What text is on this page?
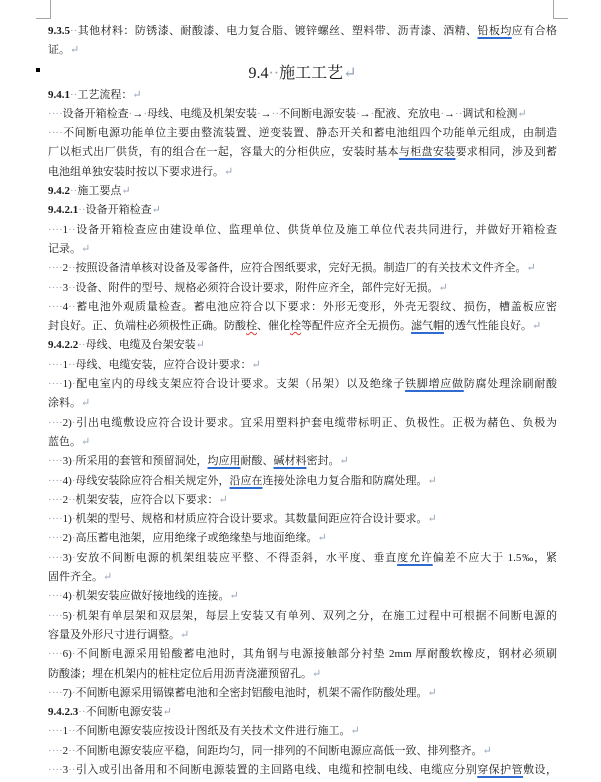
9.3.5··其他材料：防锈漆、耐酸漆、电力复合脂、镀锌螺丝、塑料带、沥青漆、酒精、铅板均应有合格
证。↵
9.4··施工工艺↵
9.4.1··工艺流程：↵
····设备开箱检查·→·母线、电缆及机架安装·→··不间断电源安装·→·配液、充放电·→··调试和检测↵
····不间断电源功能单位主要由整流装置、逆变装置、静态开关和蓄电池组四个功能单元组成，由制造
厂以柜式出厂供货，有的组合在一起，容量大的分柜供应，安装时基本与柜盘安装要求相同，涉及到蓄
电池组单独安装时按以下要求进行。↵
9.4.2··施工要点↵
9.4.2.1··设备开箱检查↵
····1··设备开箱检查应由建设单位、监理单位、供货单位及施工单位代表共同进行，并做好开箱检查
记录。↵
····2··按照设备清单核对设备及零备件，应符合图纸要求，完好无损。制造厂的有关技术文件齐全。↵
····3··设备、附件的型号、规格必须符合设计要求，附件应齐全，部件完好无损。↵
····4··蓄电池外观质量检查。蓄电池应符合以下要求：外形无变形，外壳无裂纹、损伤，槽盖板应密
封良好。正、负端柱必须极性正确。防酸栓、催化栓等配件应齐全无损伤。滤气帽的透气性能良好。↵
9.4.2.2··母线、电缆及台架安装↵
····1··母线、电缆安装，应符合设计要求：↵
····1)·配电室内的母线支架应符合设计要求。支架（吊架）以及绝缘子铁脚增应做防腐处理涂刷耐酸
涂料。↵
····2)·引出电缆敷设应符合设计要求。宜采用塑料护套电缆带标明正、负极性。正极为赭色、负极为
蓝色。↵
····3)·所采用的套管和预留洞处，均应用耐酸、碱材料密封。↵
····4)·母线安装除应符合相关规定外，沿应在连接处涂电力复合脂和防腐处理。↵
····2··机架安装，应符合以下要求：↵
····1)·机架的型号、规格和材质应符合设计要求。其数量间距应符合设计要求。↵
····2)·高压蓄电池架，应用绝缘子或绝缘垫与地面绝缘。↵
····3)·安放不间断电源的机架组装应平整、不得歪斜，水平度、垂直度允许偏差不应大于 1.5‰，紧
固件齐全。↵
····4)·机架安装应做好接地线的连接。↵
····5)·机架有单层架和双层架，每层上安装又有单列、双列之分，在施工过程中可根据不间断电源的
容量及外形尺寸进行调整。↵
····6)·不间断电源采用铅酸蓄电池时，其角钢与电源接触部分衬垫 2mm 厚耐酸软橡皮，钢材必须刷
防酸漆；埋在机架内的桩柱定位后用沥青浇灌预留孔。↵
····7)·不间断电源采用镉镍蓄电池和全密封铝酸电池时，机架不需作防酸处理。↵
9.4.2.3··不间断电源安装↵
····1··不间断电源安装应按设计图纸及有关技术文件进行施工。↵
····2··不间断电源安装应平稳，间距均匀，同一排列的不间断电源应高低一致、排列整齐。↵
····3··引入或引出备用和不间断电源装置的主回路电线、电缆和控制电线、电缆应分别穿保护管敷设，
